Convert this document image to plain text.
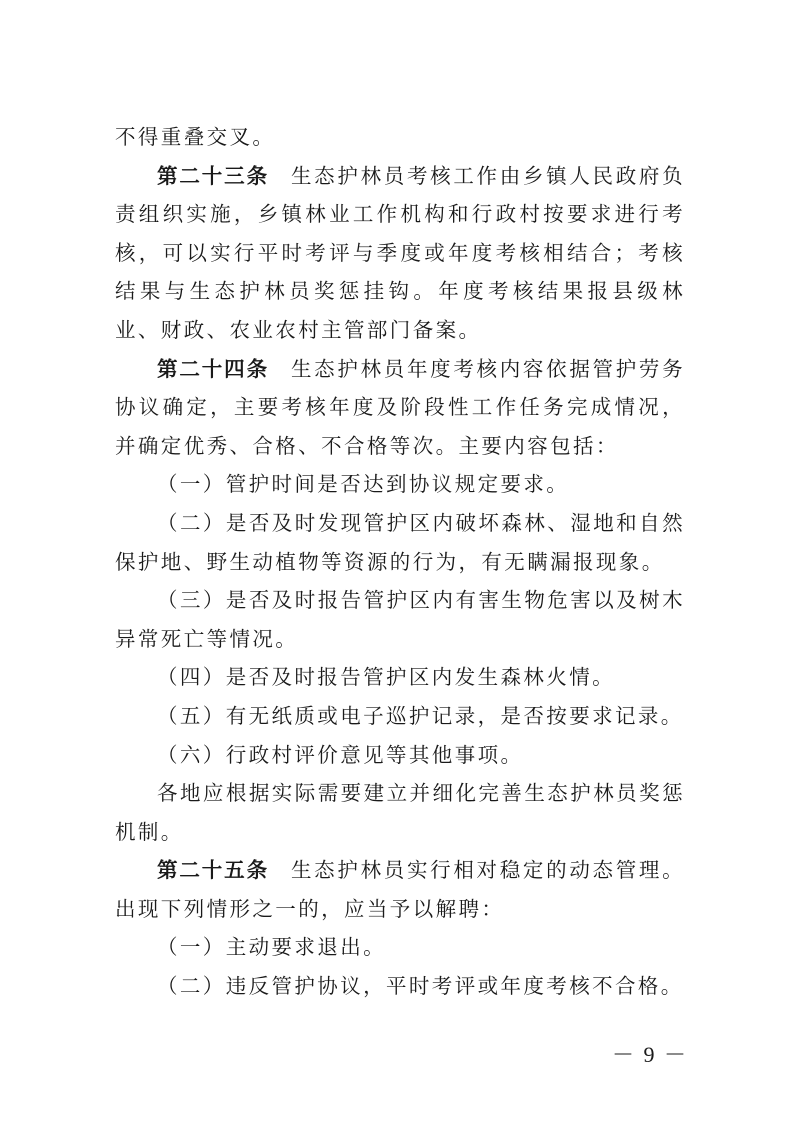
不得重叠交叉。

第二十三条 生态护林员考核工作由乡镇人民政府负责组织实施，乡镇林业工作机构和行政村按要求进行考核，可以实行平时考评与季度或年度考核相结合；考核结果与生态护林员奖惩挂钩。年度考核结果报县级林业、财政、农业农村主管部门备案。

第二十四条 生态护林员年度考核内容依据管护劳务协议确定，主要考核年度及阶段性工作任务完成情况，并确定优秀、合格、不合格等次。主要内容包括：

（一）管护时间是否达到协议规定要求。

（二）是否及时发现管护区内破坏森林、湿地和自然保护地、野生动植物等资源的行为，有无瞒漏报现象。

（三）是否及时报告管护区内有害生物危害以及树木异常死亡等情况。

（四）是否及时报告管护区内发生森林火情。

（五）有无纸质或电子巡护记录，是否按要求记录。

（六）行政村评价意见等其他事项。

各地应根据实际需要建立并细化完善生态护林员奖惩机制。

第二十五条 生态护林员实行相对稳定的动态管理。出现下列情形之一的，应当予以解聘：

（一）主动要求退出。

（二）违反管护协议，平时考评或年度考核不合格。

－ 9 －
